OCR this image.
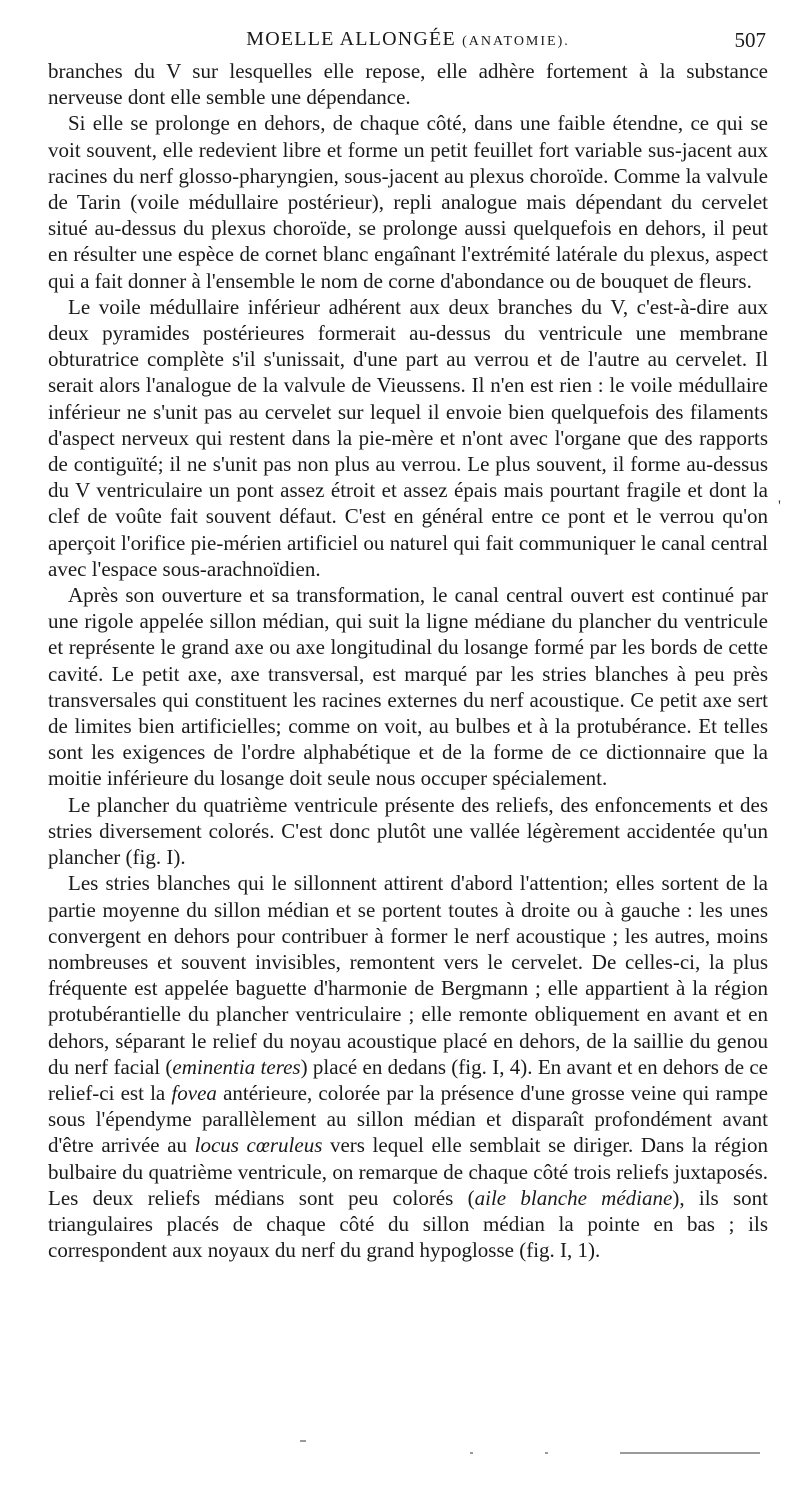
MOELLE ALLONGÉE (ANATOMIE).	507

branches du V sur lesquelles elle repose, elle adhère fortement à la substance nerveuse dont elle semble une dépendance.

Si elle se prolonge en dehors, de chaque côté, dans une faible étendne, ce qui se voit souvent, elle redevient libre et forme un petit feuillet fort variable sus-jacent aux racines du nerf glosso-pharyngien, sous-jacent au plexus choroïde. Comme la valvule de Tarin (voile médullaire postérieur), repli analogue mais dépendant du cervelet situé au-dessus du plexus choroïde, se prolonge aussi quelquefois en dehors, il peut en résulter une espèce de cornet blanc engaînant l'extrémité latérale du plexus, aspect qui a fait donner à l'ensemble le nom de corne d'abondance ou de bouquet de fleurs.

Le voile médullaire inférieur adhérent aux deux branches du V, c'est-à-dire aux deux pyramides postérieures formerait au-dessus du ventricule une membrane obturatrice complète s'il s'unissait, d'une part au verrou et de l'autre au cervelet. Il serait alors l'analogue de la valvule de Vieussens. Il n'en est rien : le voile médullaire inférieur ne s'unit pas au cervelet sur lequel il envoie bien quelquefois des filaments d'aspect nerveux qui restent dans la pie-mère et n'ont avec l'organe que des rapports de contiguïté; il ne s'unit pas non plus au verrou. Le plus souvent, il forme au-dessus du V ventriculaire un pont assez étroit et assez épais mais pourtant fragile et dont la clef de voûte fait souvent défaut. C'est en général entre ce pont et le verrou qu'on aperçoit l'orifice pie-mérien artificiel ou naturel qui fait communiquer le canal central avec l'espace sous-arachnoïdien.

Après son ouverture et sa transformation, le canal central ouvert est continué par une rigole appelée sillon médian, qui suit la ligne médiane du plancher du ventricule et représente le grand axe ou axe longitudinal du losange formé par les bords de cette cavité. Le petit axe, axe transversal, est marqué par les stries blanches à peu près transversales qui constituent les racines externes du nerf acoustique. Ce petit axe sert de limites bien artificielles; comme on voit, au bulbes et à la protubérance. Et telles sont les exigences de l'ordre alphabétique et de la forme de ce dictionnaire que la moitie inférieure du losange doit seule nous occuper spécialement.

Le plancher du quatrième ventricule présente des reliefs, des enfoncements et des stries diversement colorés. C'est donc plutôt une vallée légèrement accidentée qu'un plancher (fig. I).

Les stries blanches qui le sillonnent attirent d'abord l'attention; elles sortent de la partie moyenne du sillon médian et se portent toutes à droite ou à gauche : les unes convergent en dehors pour contribuer à former le nerf acoustique ; les autres, moins nombreuses et souvent invisibles, remontent vers le cervelet. De celles-ci, la plus fréquente est appelée baguette d'harmonie de Bergmann ; elle appartient à la région protubérantielle du plancher ventriculaire ; elle remonte obliquement en avant et en dehors, séparant le relief du noyau acoustique placé en dehors, de la saillie du genou du nerf facial (eminentia teres) placé en dedans (fig. I, 4). En avant et en dehors de ce relief-ci est la fovea antérieure, colorée par la présence d'une grosse veine qui rampe sous l'épendyme parallèlement au sillon médian et disparaît profondément avant d'être arrivée au locus cœruleus vers lequel elle semblait se diriger. Dans la région bulbaire du quatrième ventricule, on remarque de chaque côté trois reliefs juxtaposés. Les deux reliefs médians sont peu colorés (aile blanche médiane), ils sont triangulaires placés de chaque côté du sillon médian la pointe en bas ; ils correspondent aux noyaux du nerf du grand hypoglosse (fig. I, 1).

'
